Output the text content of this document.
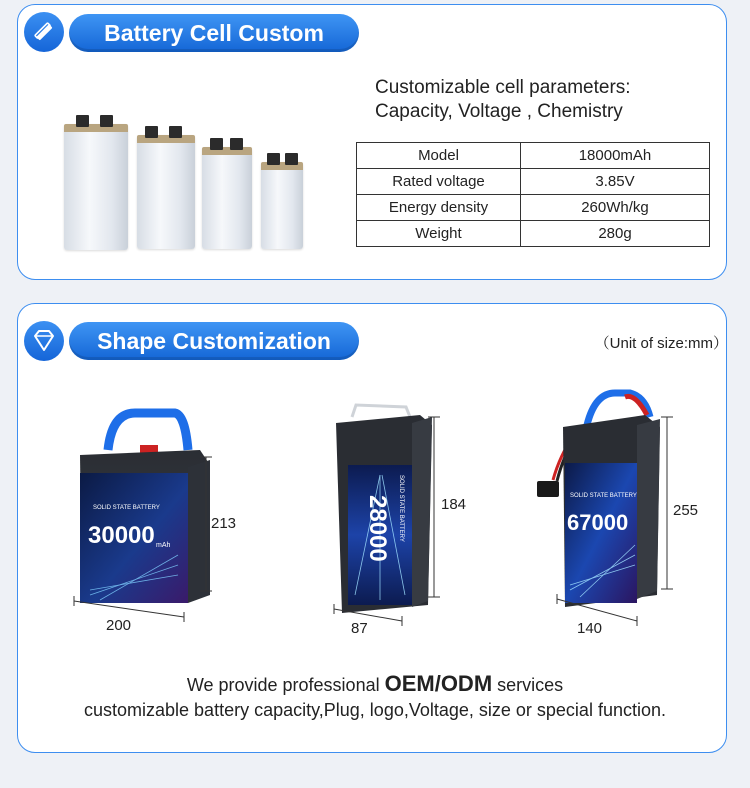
Battery Cell Custom
Customizable cell parameters:
Capacity, Voltage , Chemistry
Model	18000mAh
Rated voltage	3.85V
Energy density	260Wh/kg
Weight	280g
Shape Customization	（Unit of size:mm）
SOLID STATE BATTERY
30000 mAh
213
200
SOLID STATE BATTERY
28000	184
87
SOLID STATE BATTERY
67000	255
140
We provide professional OEM/ODM services
customizable battery capacity,Plug, logo,Voltage, size or special function.
